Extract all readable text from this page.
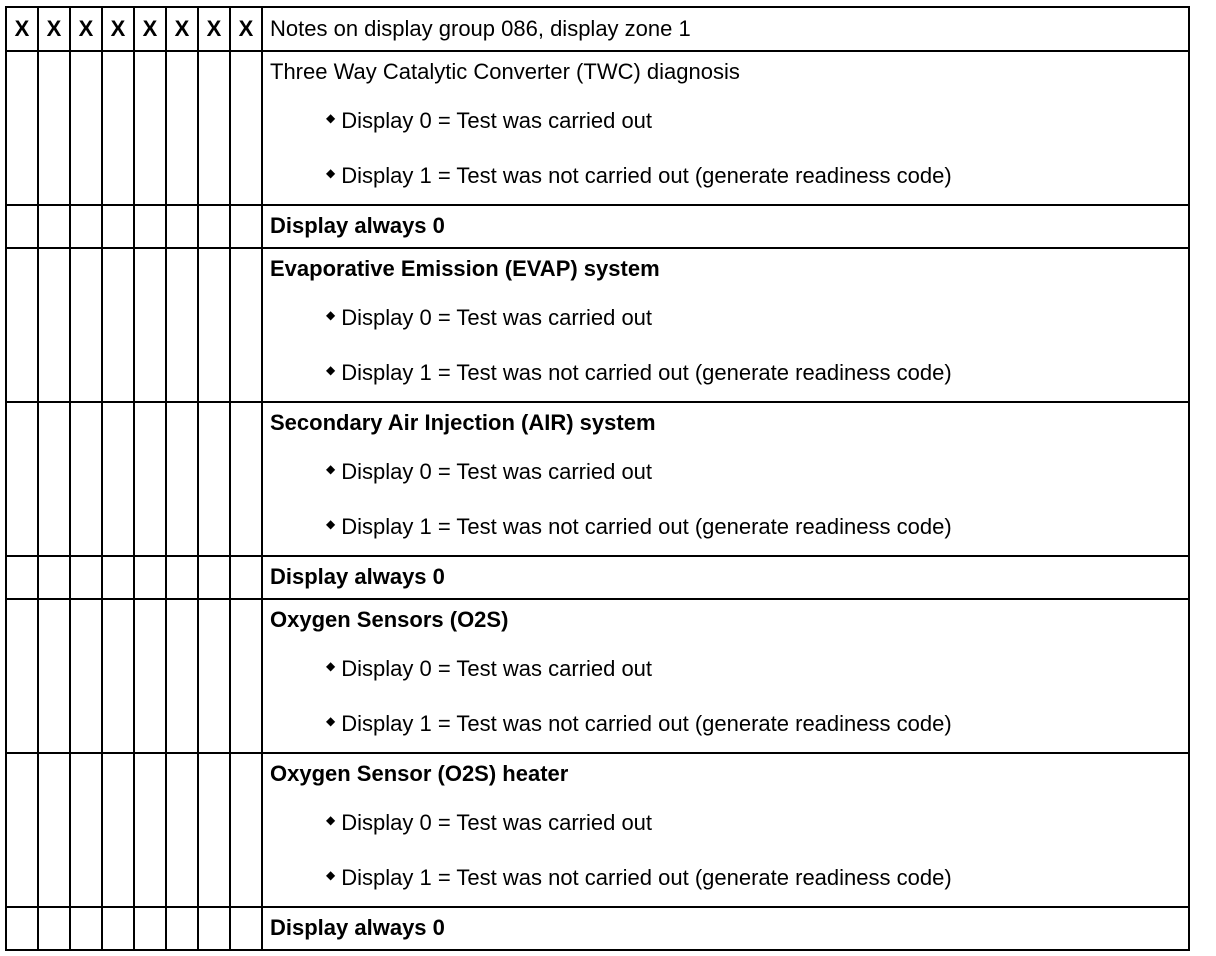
X	X	X	X	X	X	X	X	Notes on display group 086, display zone 1

								Three Way Catalytic Converter (TWC) diagnosis
◆ Display 0 = Test was carried out
◆ Display 1 = Test was not carried out (generate readiness code)

								Display always 0

								Evaporative Emission (EVAP) system
◆ Display 0 = Test was carried out
◆ Display 1 = Test was not carried out (generate readiness code)

								Secondary Air Injection (AIR) system
◆ Display 0 = Test was carried out
◆ Display 1 = Test was not carried out (generate readiness code)

								Display always 0

								Oxygen Sensors (O2S)
◆ Display 0 = Test was carried out
◆ Display 1 = Test was not carried out (generate readiness code)

								Oxygen Sensor (O2S) heater
◆ Display 0 = Test was carried out
◆ Display 1 = Test was not carried out (generate readiness code)

								Display always 0
